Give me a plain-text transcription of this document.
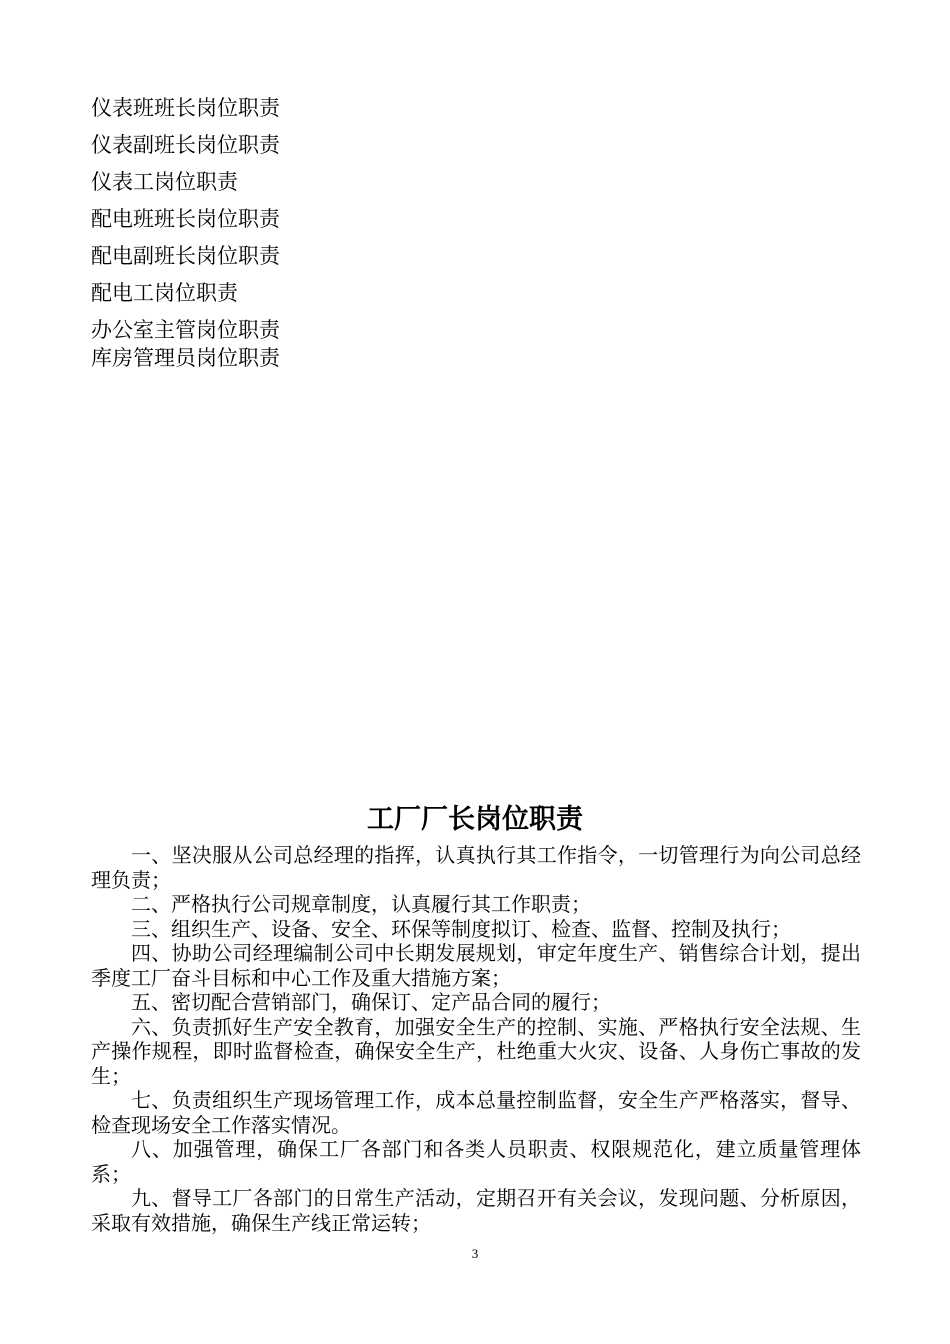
仪表班班长岗位职责

仪表副班长岗位职责

仪表工岗位职责

配电班班长岗位职责

配电副班长岗位职责

配电工岗位职责

办公室主管岗位职责

库房管理员岗位职责

工厂厂长岗位职责

一、坚决服从公司总经理的指挥，认真执行其工作指令，一切管理行为向公司总经理负责；

二、严格执行公司规章制度，认真履行其工作职责；

三、组织生产、设备、安全、环保等制度拟订、检查、监督、控制及执行；

四、协助公司经理编制公司中长期发展规划，审定年度生产、销售综合计划，提出季度工厂奋斗目标和中心工作及重大措施方案；

五、密切配合营销部门，确保订、定产品合同的履行；

六、负责抓好生产安全教育，加强安全生产的控制、实施、严格执行安全法规、生产操作规程，即时监督检查，确保安全生产，杜绝重大火灾、设备、人身伤亡事故的发生；

七、负责组织生产现场管理工作，成本总量控制监督，安全生产严格落实，督导、检查现场安全工作落实情况。

八、加强管理，确保工厂各部门和各类人员职责、权限规范化，建立质量管理体系；

九、督导工厂各部门的日常生产活动，定期召开有关会议，发现问题、分析原因，采取有效措施，确保生产线正常运转；

3
